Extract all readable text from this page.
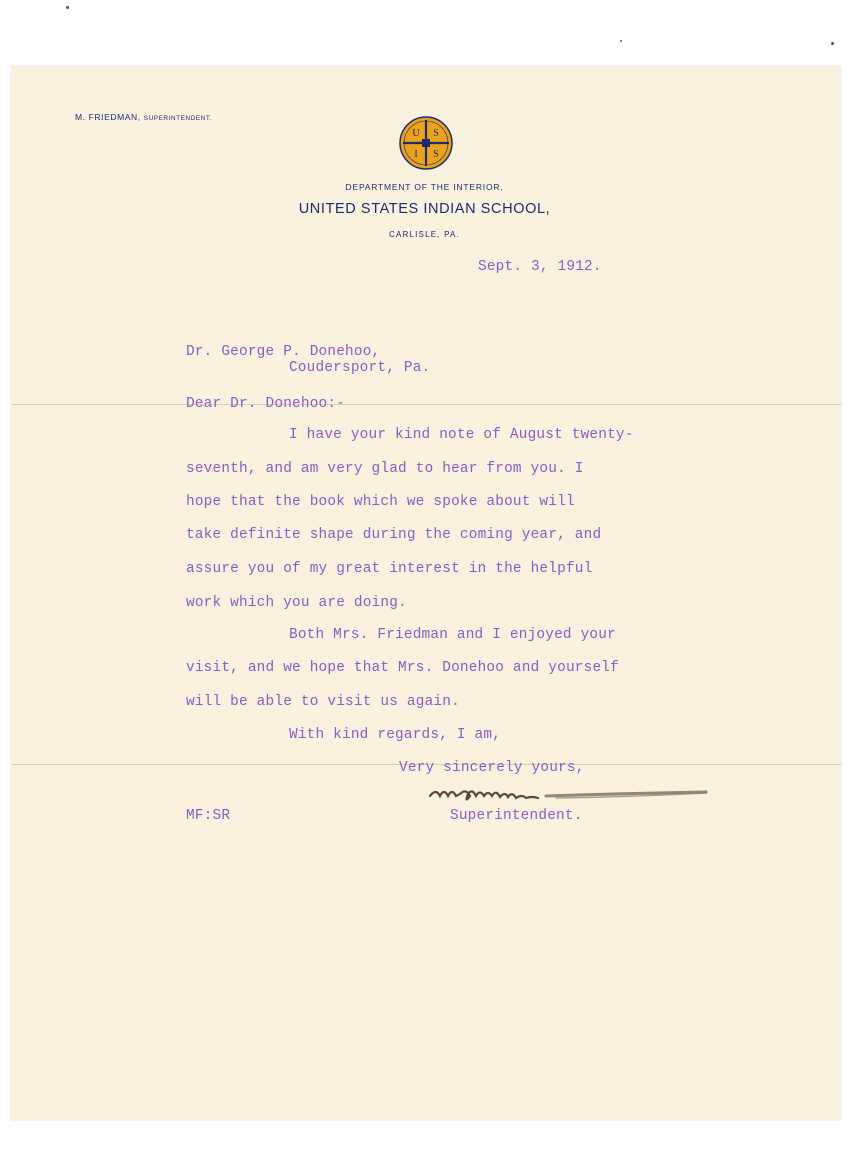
M. FRIEDMAN, SUPERINTENDENT.
U S
I S
DEPARTMENT OF THE INTERIOR,
UNITED STATES INDIAN SCHOOL,
CARLISLE, PA.
Sept. 3, 1912.
Dr. George P. Donehoo,
Coudersport, Pa.
Dear Dr. Donehoo:-
I have your kind note of August twenty-
seventh, and am very glad to hear from you. I
hope that the book which we spoke about will
take definite shape during the coming year, and
assure you of my great interest in the helpful
work which you are doing.
Both Mrs. Friedman and I enjoyed your
visit, and we hope that Mrs. Donehoo and yourself
will be able to visit us again.
With kind regards, I am,
Very sincerely yours,
MF:SR	Superintendent.
